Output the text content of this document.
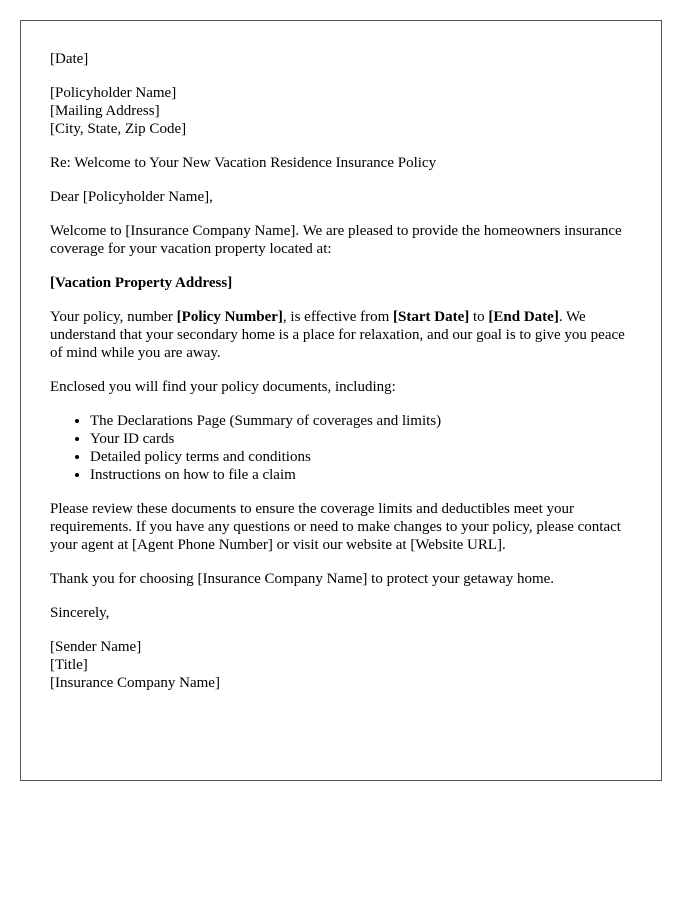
[Date]

[Policyholder Name]
[Mailing Address]
[City, State, Zip Code]

Re: Welcome to Your New Vacation Residence Insurance Policy

Dear [Policyholder Name],

Welcome to [Insurance Company Name]. We are pleased to provide the homeowners insurance coverage for your vacation property located at:

[Vacation Property Address]

Your policy, number [Policy Number], is effective from [Start Date] to [End Date]. We understand that your secondary home is a place for relaxation, and our goal is to give you peace of mind while you are away.

Enclosed you will find your policy documents, including:

• The Declarations Page (Summary of coverages and limits)
• Your ID cards
• Detailed policy terms and conditions
• Instructions on how to file a claim

Please review these documents to ensure the coverage limits and deductibles meet your requirements. If you have any questions or need to make changes to your policy, please contact your agent at [Agent Phone Number] or visit our website at [Website URL].

Thank you for choosing [Insurance Company Name] to protect your getaway home.

Sincerely,

[Sender Name]
[Title]
[Insurance Company Name]
